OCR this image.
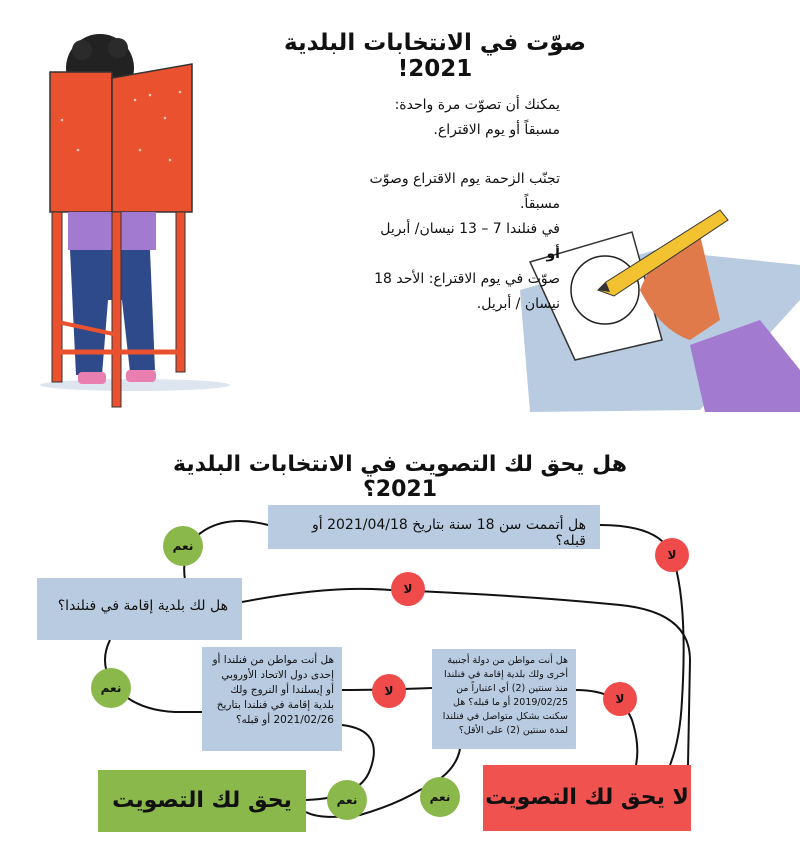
صوّت في الانتخابات البلدية 2021!

يمكنك أن تصوّت مرة واحدة:

مسبقاً أو يوم الاقتراع.

تجنّب الزحمة يوم الاقتراع وصوّت

مسبقاً.

في فنلندا 7 – 13 نيسان/ أبريل

أو

صوّت في يوم الاقتراع: الأحد 18

نيسان / أبريل.

هل يحق لك التصويت في الانتخابات البلدية 2021؟
هل أتممت سن 18 سنة بتاريخ 2021/04/18 أو قبله؟
هل لك بلدية إقامة في فنلندا؟
هل أنت مواطن من فنلندا أو إحدى دول الاتحاد الأوروبي أو إيسلندا أو النروج ولك بلدية إقامة في فنلندا بتاريخ 2021/02/26 أو قبله؟
هل أنت مواطن من دولة أجنبية أخرى ولك بلدية إقامة في فنلندا منذ سنتين (2) أي اعتباراً من 2019/02/25 أو ما قبله؟ هل سكنت بشكل متواصل في فنلندا لمدة سنتين (2) على الأقل؟
يحق لك التصويت	لا يحق لك التصويت
نعم
نعم
نعم	نعم
لا
لا
لا
لا
